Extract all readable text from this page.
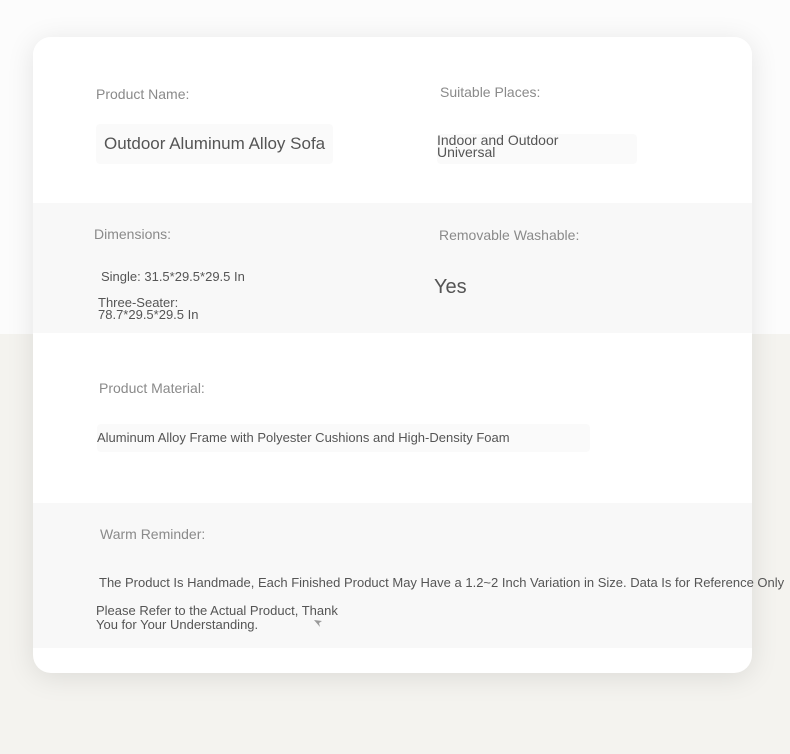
Product Name:
Outdoor Aluminum Alloy Sofa
Suitable Places:
Indoor and Outdoor
Universal
Dimensions:
Single: 31.5*29.5*29.5 In
Three-Seater:
78.7*29.5*29.5 In
Removable Washable:
Yes
Product Material:
Aluminum Alloy Frame with Polyester Cushions and High-Density Foam
Warm Reminder:
The Product Is Handmade, Each Finished Product May Have a 1.2~2 Inch Variation in Size. Data Is for Reference Only
Please Refer to the Actual Product, Thank
You for Your Understanding.
